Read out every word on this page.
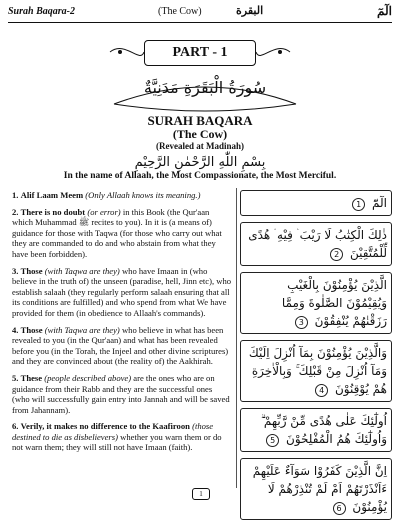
Surah Baqara-2	(The Cow)	البقرة	الٓمٓ
PART - 1
سُورَةُ الْبَقَرَةِ مَدَنِيَّةٌ
SURAH BAQARA
(The Cow)
(Revealed at Madinah)
بِسْمِ اللّٰهِ الرَّحْمٰنِ الرَّحِيْمِ
In the name of Allaah, the Most Compassionate, the Most Merciful.

1. Alif Laam Meem (Only Allaah knows its meaning.)

2. There is no doubt (or error) in this Book (the Qur'aan which Muhammad ﷺ recites to you). In it is (a means of) guidance for those with Taqwa (for those who carry out what they are commanded to do and who abstain from what they have been forbidden).

3. Those (with Taqwa are they) who have Imaan in (who believe in the truth of) the unseen (paradise, hell, Jinn etc), who establish salaah (they regularly perform salaah ensuring that all its conditions are fulfilled) and who spend from what We have provided for them (in obedience to Allaah's commands).

4. Those (with Taqwa are they) who believe in what has been revealed to you (in the Qur'aan) and what has been revealed before you (in the Torah, the Injeel and other divine scriptures) and they are convinced about (the reality of) the Aakhirah.

5. These (people described above) are the ones who are on guidance from their Rabb and they are the successful ones (who will successfully gain entry into Jannah and will be saved from Jahannam).

6. Verily, it makes no difference to the Kaafiroon (those destined to die as disbelievers) whether you warn them or do not warn them; they will still not have Imaan (faith).

الٓمّٓ 1
ذٰلِكَ الْكِتٰبُ لَا رَيْبَ ۛ فِيْهِ ۛ هُدًى لِّلْمُتَّقِيْنَ 2
الَّذِيْنَ يُؤْمِنُوْنَ بِالْغَيْبِ وَيُقِيْمُوْنَ الصَّلٰوةَ وَمِمَّا رَزَقْنٰهُمْ يُنْفِقُوْنَ 3
وَالَّذِيْنَ يُؤْمِنُوْنَ بِمَآ اُنْزِلَ اِلَيْكَ وَمَآ اُنْزِلَ مِنْ قَبْلِكَ ۚ وَبِالْاٰخِرَةِ هُمْ يُوْقِنُوْنَ 4
اُولٰٓئِكَ عَلٰى هُدًى مِّنْ رَّبِّهِمْ ۗ وَاُولٰٓئِكَ هُمُ الْمُفْلِحُوْنَ 5
اِنَّ الَّذِيْنَ كَفَرُوْا سَوَآءٌ عَلَيْهِمْ ءَاَنْذَرْتَهُمْ اَمْ لَمْ تُنْذِرْهُمْ لَا يُؤْمِنُوْنَ 6
1
